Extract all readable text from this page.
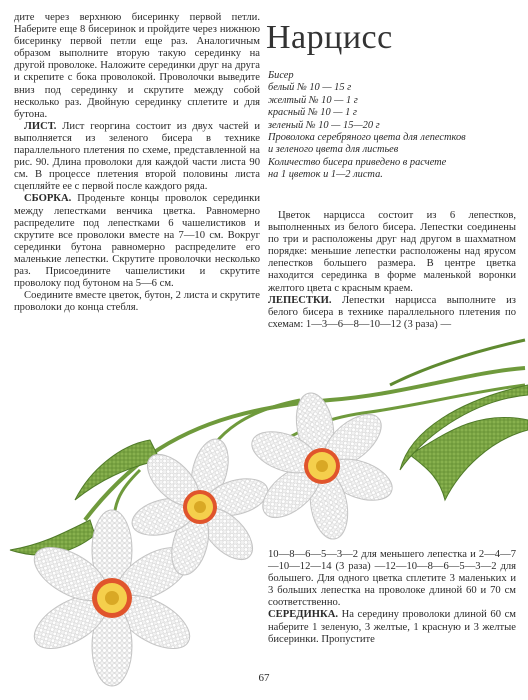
дите через верхнюю бисеринку первой петли. Наберите еще 8 бисеринок и пройдите через нижнюю бисеринку первой петли еще раз. Аналогичным образом выполните вторую такую серединку на другой проволоке. Наложите серединки друг на друга и скрепите с бока проволокой. Проволочки выведите вниз под серединку и скрутите между собой несколько раз. Двойную серединку сплетите и для бутона.

ЛИСТ. Лист георгина состоит из двух частей и выполняется из зеленого бисера в технике параллельного плетения по схеме, представленной на рис. 90. Длина проволоки для каждой части листа 90 см. В процессе плетения второй половины листа сцепляйте ее с первой после каждого ряда.

СБОРКА. Проденьте концы проволок серединки между лепестками венчика цветка. Равномерно распределите под лепестками 6 чашелистиков и скрутите все проволоки вместе на 7—10 см. Вокруг серединки бутона равномерно распределите его маленькие лепестки. Скрутите проволочки несколько раз. Присоедините чашелистики и скрутите проволоку под бутоном на 5—6 см.

Соедините вместе цветок, бутон, 2 листа и скрутите проволоки до конца стебля.

Нарцисс
Бисер
белый № 10 — 15 г
желтый № 10 — 1 г
красный № 10 — 1 г
зеленый № 10 — 15—20 г
Проволока серебряного цвета для лепестков
и зеленого цвета для листьев
Количество бисера приведено в расчете
на 1 цветок и 1—2 листа.

Цветок нарцисса состоит из 6 лепестков, выполненных из белого бисера. Лепестки соединены по три и расположены друг над другом в шахматном порядке: меньшие лепестки расположены над ярусом лепестков большего размера. В центре цветка находится серединка в форме маленькой воронки желтого цвета с красным краем.

ЛЕПЕСТКИ. Лепестки нарцисса выполните из белого бисера в технике параллельного плетения по схемам: 1—3—6—8—10—12 (3 раза) —

10—8—6—5—3—2 для меньшего лепестка и 2—4—7—10—12—14 (3 раза) —12—10—8—6—5—3—2 для большего. Для одного цветка сплетите 3 маленьких и 3 больших лепестка на проволоке длиной 60 и 70 см соответственно.

СЕРЕДИНКА. На середину проволоки длиной 60 см наберите 1 зеленую, 3 желтые, 1 красную и 3 желтые бисеринки. Пропустите

67
